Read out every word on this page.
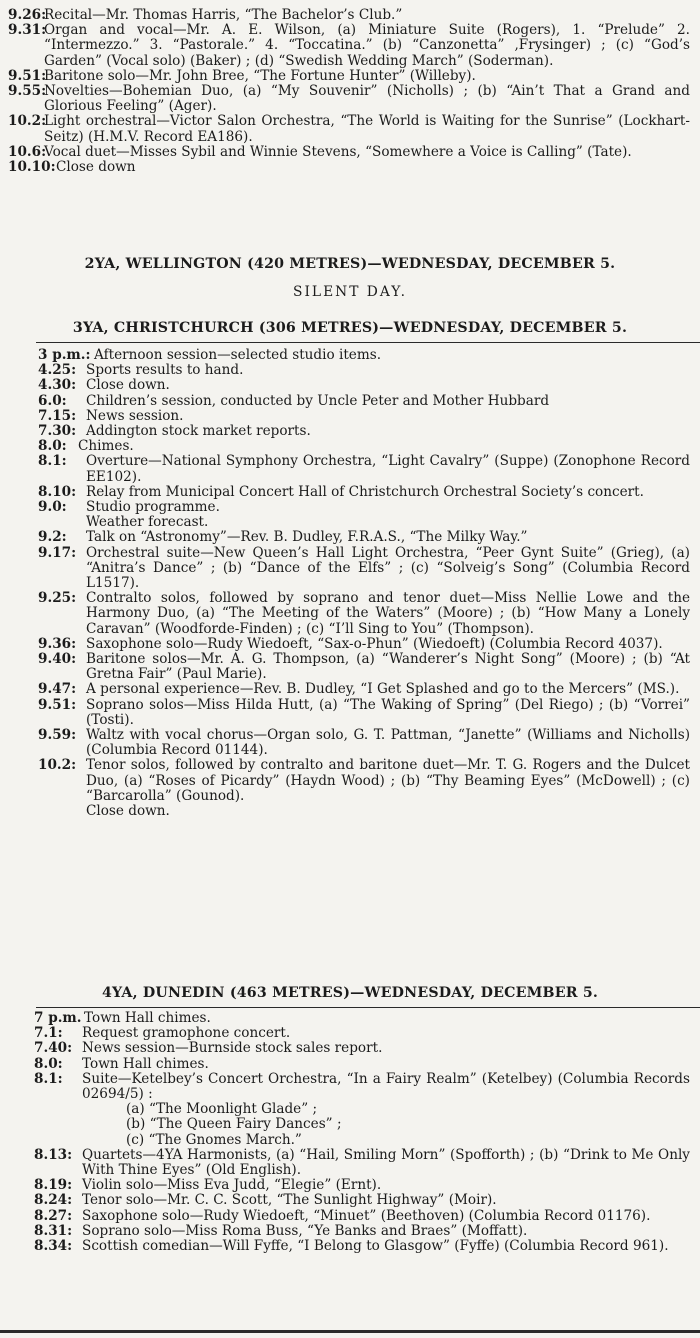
9.26:
Recital—Mr. Thomas Harris, “The Bachelor’s Club.”
9.31:
Organ and vocal—Mr. A. E. Wilson, (a) Miniature Suite (Rogers), 1. “Prelude” 2. “Intermezzo.” 3. “Pastorale.” 4. “Toccatina.” (b) “Canzonetta” ,Frysinger) ; (c) “God’s Garden” (Vocal solo) (Baker) ; (d) “Swedish Wedding March” (Soderman).
9.51:
Baritone solo—Mr. John Bree, “The Fortune Hunter” (Willeby).
9.55:
Novelties—Bohemian Duo, (a) “My Souvenir” (Nicholls) ; (b) “Ain’t That a Grand and Glorious Feeling” (Ager).
10.2:
Light orchestral—Victor Salon Orchestra, “The World is Waiting for the Sunrise” (Lockhart-Seitz) (H.M.V. Record EA186).
10.6:
Vocal duet—Misses Sybil and Winnie Stevens, “Somewhere a Voice is Calling” (Tate).
10.10: Close down
2YA, WELLINGTON (420 METRES)—WEDNESDAY, DECEMBER 5.
SILENT DAY.
3YA, CHRISTCHURCH (306 METRES)—WEDNESDAY, DECEMBER 5.
3 p.m.: Afternoon session—selected studio items.
4.25: Sports results to hand.
4.30: Close down.
6.0:	Children’s session, conducted by Uncle Peter and Mother Hubbard
7.15: News session.
7.30: Addington stock market reports.
8.0: Chimes.
8.1:	Overture—National Symphony Orchestra, “Light Cavalry” (Suppe) (Zonophone Record EE102).
8.10: Relay from Municipal Concert Hall of Christchurch Orchestral Society’s concert.
9.0:	Studio programme.
Weather forecast.
9.2:	Talk on “Astronomy”—Rev. B. Dudley, F.R.A.S., “The Milky Way.”
9.17: Orchestral suite—New Queen’s Hall Light Orchestra, “Peer Gynt Suite” (Grieg), (a) “Anitra’s Dance” ; (b) “Dance of the Elfs” ; (c) “Solveig’s Song” (Columbia Record L1517).
9.25: Contralto solos, followed by soprano and tenor duet—Miss Nellie Lowe and the Harmony Duo, (a) “The Meeting of the Waters” (Moore) ; (b) “How Many a Lonely Caravan” (Woodforde-Finden) ; (c) “I’ll Sing to You” (Thompson).
9.36: Saxophone solo—Rudy Wiedoeft, “Sax-o-Phun” (Wiedoeft) (Columbia Record 4037).
9.40: Baritone solos—Mr. A. G. Thompson, (a) “Wanderer’s Night Song” (Moore) ; (b) “At Gretna Fair” (Paul Marie).
9.47: A personal experience—Rev. B. Dudley, “I Get Splashed and go to the Mercers” (MS.).
9.51: Soprano solos—Miss Hilda Hutt, (a) “The Waking of Spring” (Del Riego) ; (b) “Vorrei” (Tosti).
9.59: Waltz with vocal chorus—Organ solo, G. T. Pattman, “Janette” (Williams and Nicholls) (Columbia Record 01144).
10.2: Tenor solos, followed by contralto and baritone duet—Mr. T. G. Rogers and the Dulcet Duo, (a) “Roses of Picardy” (Haydn Wood) ; (b) “Thy Beaming Eyes” (McDowell) ; (c) “Barcarolla” (Gounod).
Close down.
4YA, DUNEDIN (463 METRES)—WEDNESDAY, DECEMBER 5.
7 p.m. Town Hall chimes.
7.1:	Request gramophone concert.
7.40: News session—Burnside stock sales report.
8.0:	Town Hall chimes.
8.1:	Suite—Ketelbey’s Concert Orchestra, “In a Fairy Realm” (Ketelbey) (Columbia Records 02694/5) :
(a) “The Moonlight Glade” ;
(b) “The Queen Fairy Dances” ;
(c) “The Gnomes March.”
8.13: Quartets—4YA Harmonists, (a) “Hail, Smiling Morn” (Spofforth) ; (b) “Drink to Me Only With Thine Eyes” (Old English).
8.19: Violin solo—Miss Eva Judd, “Elegie” (Ernt).
8.24: Tenor solo—Mr. C. C. Scott, “The Sunlight Highway” (Moir).
8.27: Saxophone solo—Rudy Wiedoeft, “Minuet” (Beethoven) (Columbia Record 01176).
8.31: Soprano solo—Miss Roma Buss, “Ye Banks and Braes” (Moffatt).
8.34: Scottish comedian—Will Fyffe, “I Belong to Glasgow” (Fyffe) (Columbia Record 961).
